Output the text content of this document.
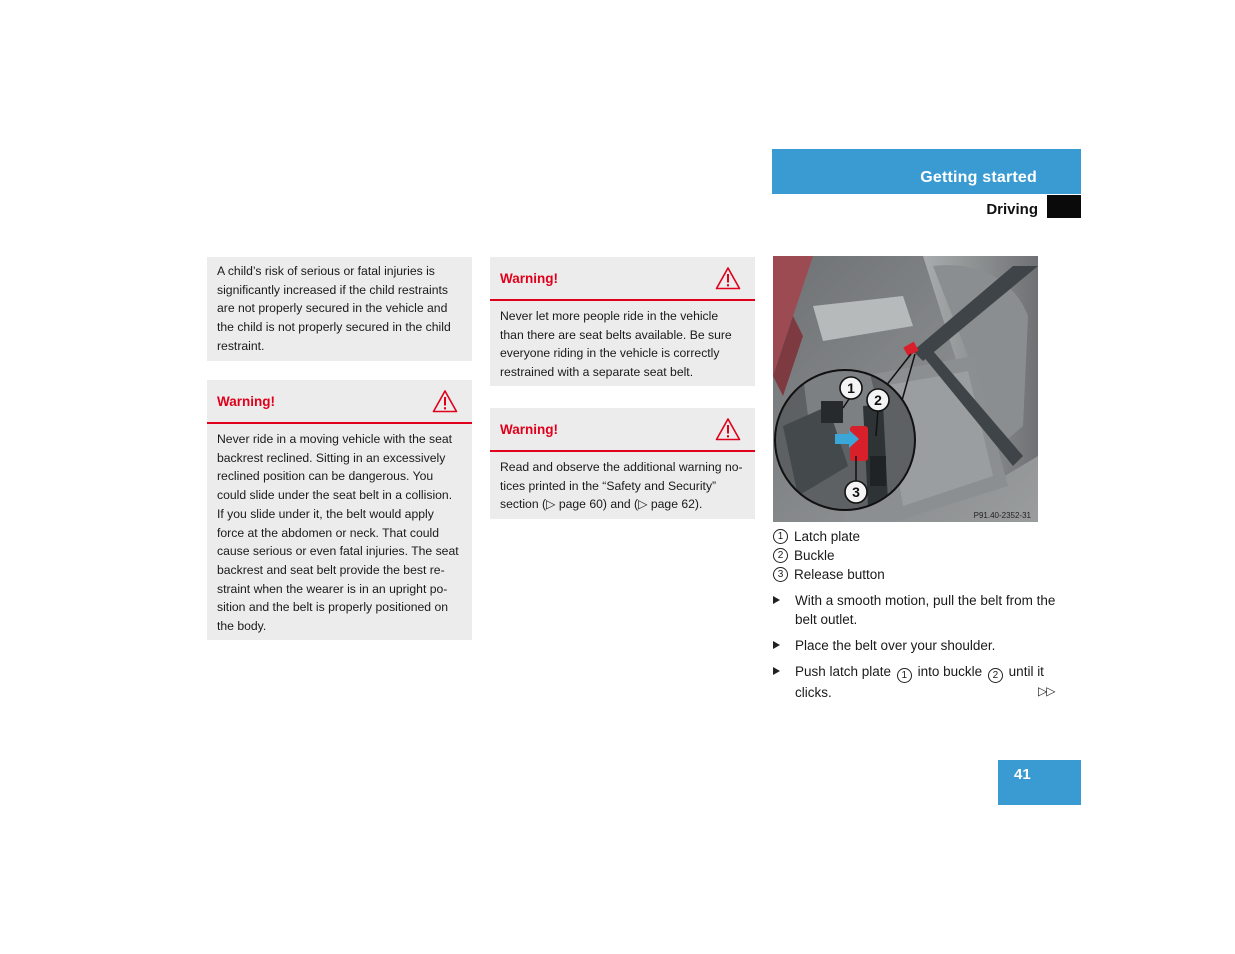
Getting started
Driving
A child’s risk of serious or fatal injuries is significantly increased if the child restraints are not properly secured in the vehicle and the child is not properly secured in the child restraint.
Warning!
Never ride in a moving vehicle with the seat backrest reclined. Sitting in an excessively reclined position can be dangerous. You could slide under the seat belt in a collision. If you slide under it, the belt would apply force at the abdomen or neck. That could cause serious or even fatal injuries. The seat backrest and seat belt provide the best restraint when the wearer is in an upright position and the belt is properly positioned on the body.
Warning!
Never let more people ride in the vehicle than there are seat belts available. Be sure everyone riding in the vehicle is correctly restrained with a separate seat belt.
Warning!
Read and observe the additional warning notices printed in the “Safety and Security” section (▷ page 60) and (▷ page 62).
1
2
3
P91.40-2352-31
1 Latch plate
2 Buckle
3 Release button
With a smooth motion, pull the belt from the belt outlet.
Place the belt over your shoulder.
Push latch plate 1 into buckle 2 until it clicks.	▷▷
41
